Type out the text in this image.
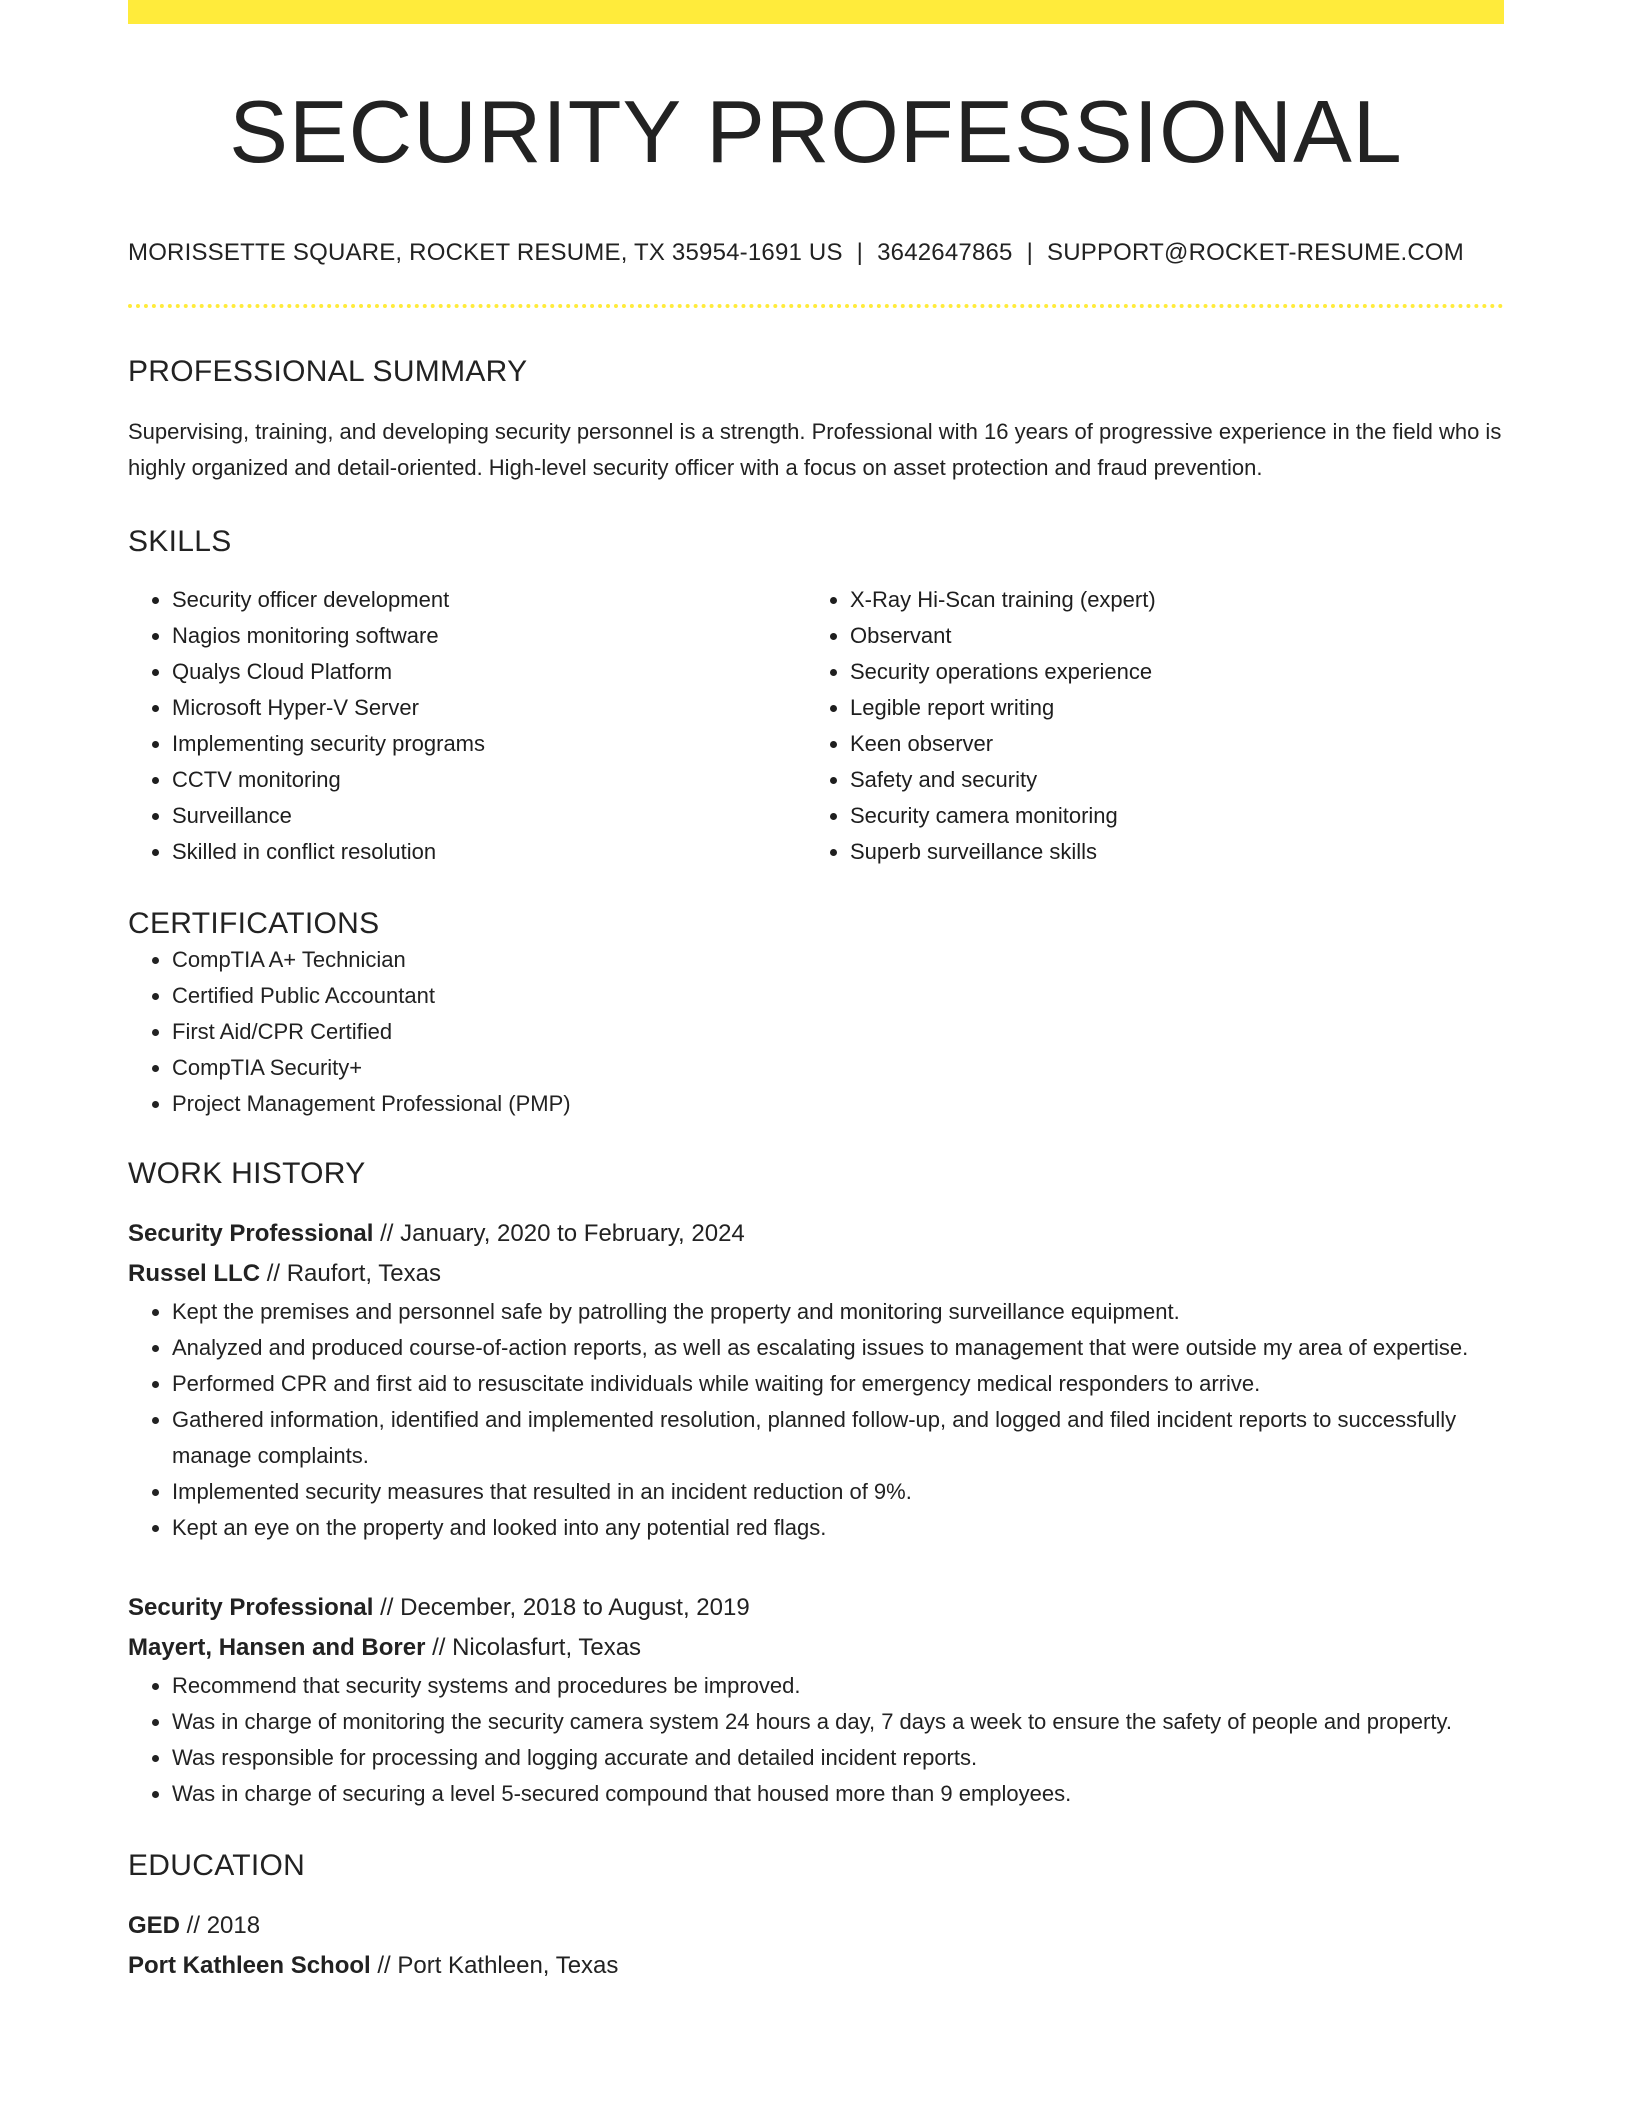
SECURITY PROFESSIONAL
MORISSETTE SQUARE, ROCKET RESUME, TX 35954-1691 US | 3642647865 | SUPPORT@ROCKET-RESUME.COM
PROFESSIONAL SUMMARY
Supervising, training, and developing security personnel is a strength. Professional with 16 years of progressive experience in the field who is highly organized and detail-oriented. High-level security officer with a focus on asset protection and fraud prevention.
SKILLS
• Security officer development
• Nagios monitoring software
• Qualys Cloud Platform
• Microsoft Hyper-V Server
• Implementing security programs
• CCTV monitoring
• Surveillance
• Skilled in conflict resolution
• X-Ray Hi-Scan training (expert)
• Observant
• Security operations experience
• Legible report writing
• Keen observer
• Safety and security
• Security camera monitoring
• Superb surveillance skills
CERTIFICATIONS
• CompTIA A+ Technician
• Certified Public Accountant
• First Aid/CPR Certified
• CompTIA Security+
• Project Management Professional (PMP)
WORK HISTORY
Security Professional // January, 2020 to February, 2024
Russel LLC // Raufort, Texas
• Kept the premises and personnel safe by patrolling the property and monitoring surveillance equipment.
• Analyzed and produced course-of-action reports, as well as escalating issues to management that were outside my area of expertise.
• Performed CPR and first aid to resuscitate individuals while waiting for emergency medical responders to arrive.
• Gathered information, identified and implemented resolution, planned follow-up, and logged and filed incident reports to successfully manage complaints.
• Implemented security measures that resulted in an incident reduction of 9%.
• Kept an eye on the property and looked into any potential red flags.
Security Professional // December, 2018 to August, 2019
Mayert, Hansen and Borer // Nicolasfurt, Texas
• Recommend that security systems and procedures be improved.
• Was in charge of monitoring the security camera system 24 hours a day, 7 days a week to ensure the safety of people and property.
• Was responsible for processing and logging accurate and detailed incident reports.
• Was in charge of securing a level 5-secured compound that housed more than 9 employees.
EDUCATION
GED // 2018
Port Kathleen School // Port Kathleen, Texas
